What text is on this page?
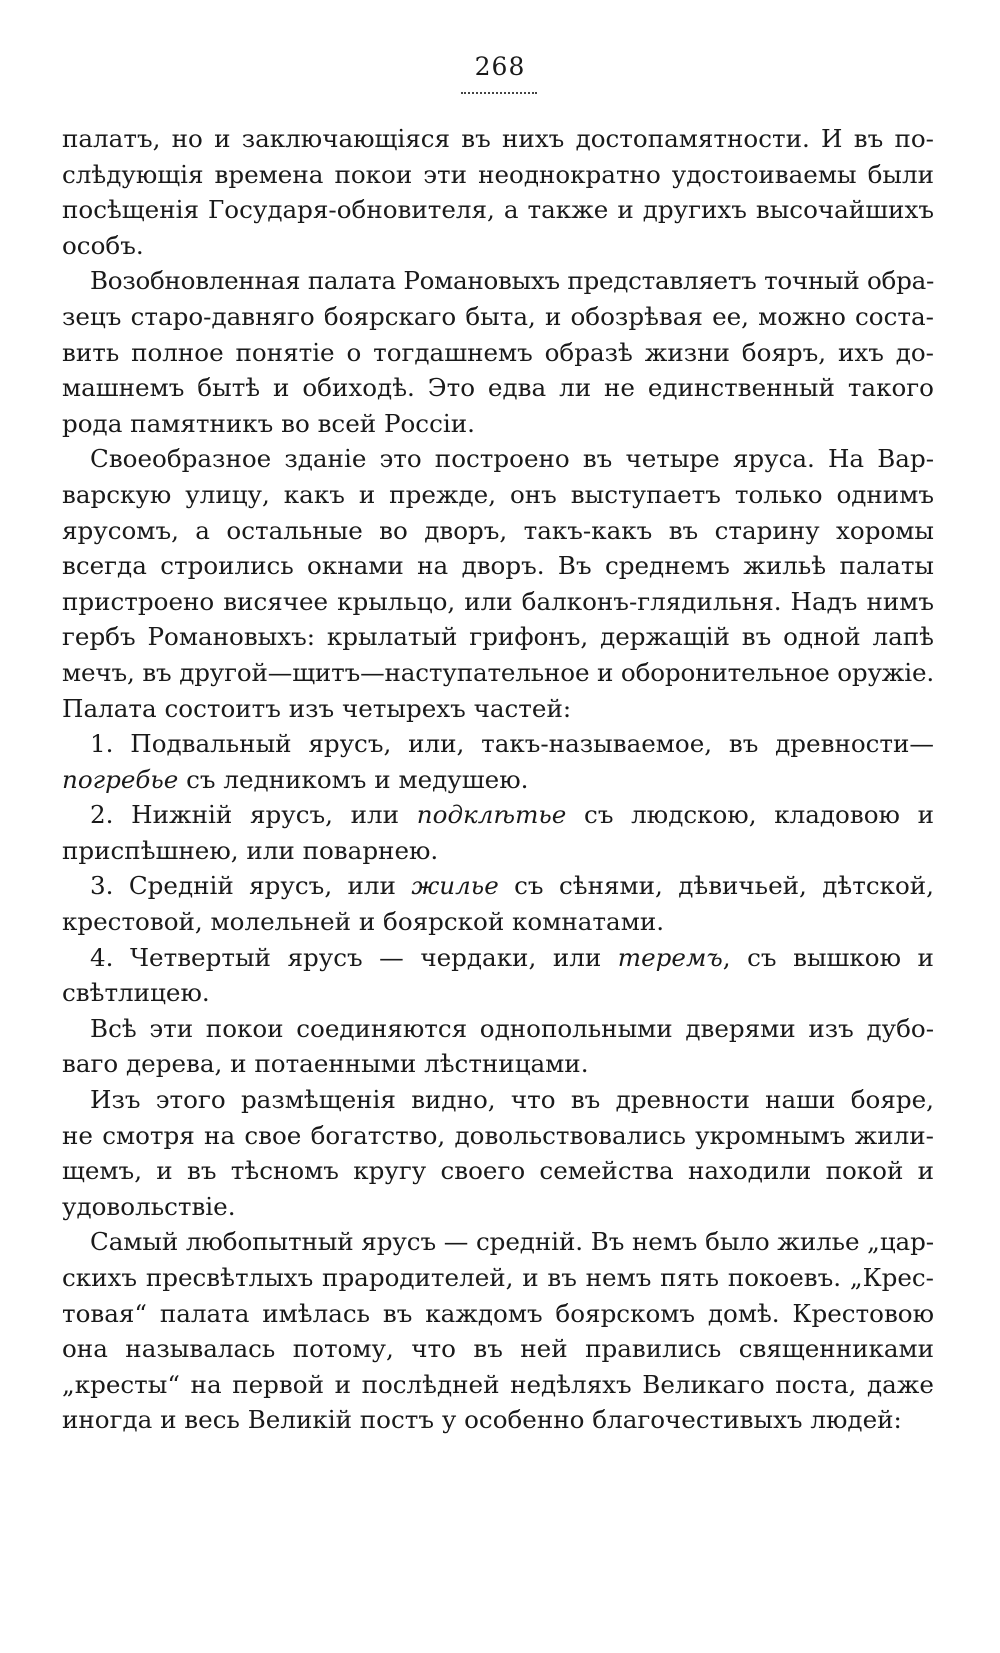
268
палатъ, но и заключающіяся въ нихъ достопамятности. И въ по-
слѣдующія времена покои эти неоднократно удостоиваемы были
посѣщенія Государя-обновителя, а также и другихъ высочайшихъ
особъ.
Возобновленная палата Романовыхъ представляетъ точный обра-
зецъ старо-давняго боярскаго быта, и обозрѣвая ее, можно соста-
вить полное понятіе о тогдашнемъ образѣ жизни бояръ, ихъ до-
машнемъ бытѣ и обиходѣ. Это едва ли не единственный такого
рода памятникъ во всей Россіи.
Своеобразное зданіе это построено въ четыре яруса. На Вар-
варскую улицу, какъ и прежде, онъ выступаетъ только однимъ
ярусомъ, а остальные во дворъ, такъ-какъ въ старину хоромы
всегда строились окнами на дворъ. Въ среднемъ жильѣ палаты
пристроено висячее крыльцо, или балконъ-глядильня. Надъ нимъ
гербъ Романовыхъ: крылатый грифонъ, держащій въ одной лапѣ
мечъ, въ другой—щитъ—наступательное и оборонительное оружіе.
Палата состоитъ изъ четырехъ частей:
1. Подвальный ярусъ, или, такъ-называемое, въ древности—
погребье съ ледникомъ и медушею.
2. Нижній ярусъ, или подклѣтье съ людскою, кладовою и
приспѣшнею, или поварнею.
3. Средній ярусъ, или жилье съ сѣнями, дѣвичьей, дѣтской,
крестовой, молельней и боярской комнатами.
4. Четвертый ярусъ — чердаки, или теремъ, съ вышкою и
свѣтлицею.
Всѣ эти покои соединяются однопольными дверями изъ дубо-
ваго дерева, и потаенными лѣстницами.
Изъ этого размѣщенія видно, что въ древности наши бояре,
не смотря на свое богатство, довольствовались укромнымъ жили-
щемъ, и въ тѣсномъ кругу своего семейства находили покой и
удовольствіе.
Самый любопытный ярусъ — средній. Въ немъ было жилье „цар-
скихъ пресвѣтлыхъ прародителей, и въ немъ пять покоевъ. „Крес-
товая“ палата имѣлась въ каждомъ боярскомъ домѣ. Крестовою
она называлась потому, что въ ней правились священниками
„кресты“ на первой и послѣдней недѣляхъ Великаго поста, даже
иногда и весь Великій постъ у особенно благочестивыхъ людей:
